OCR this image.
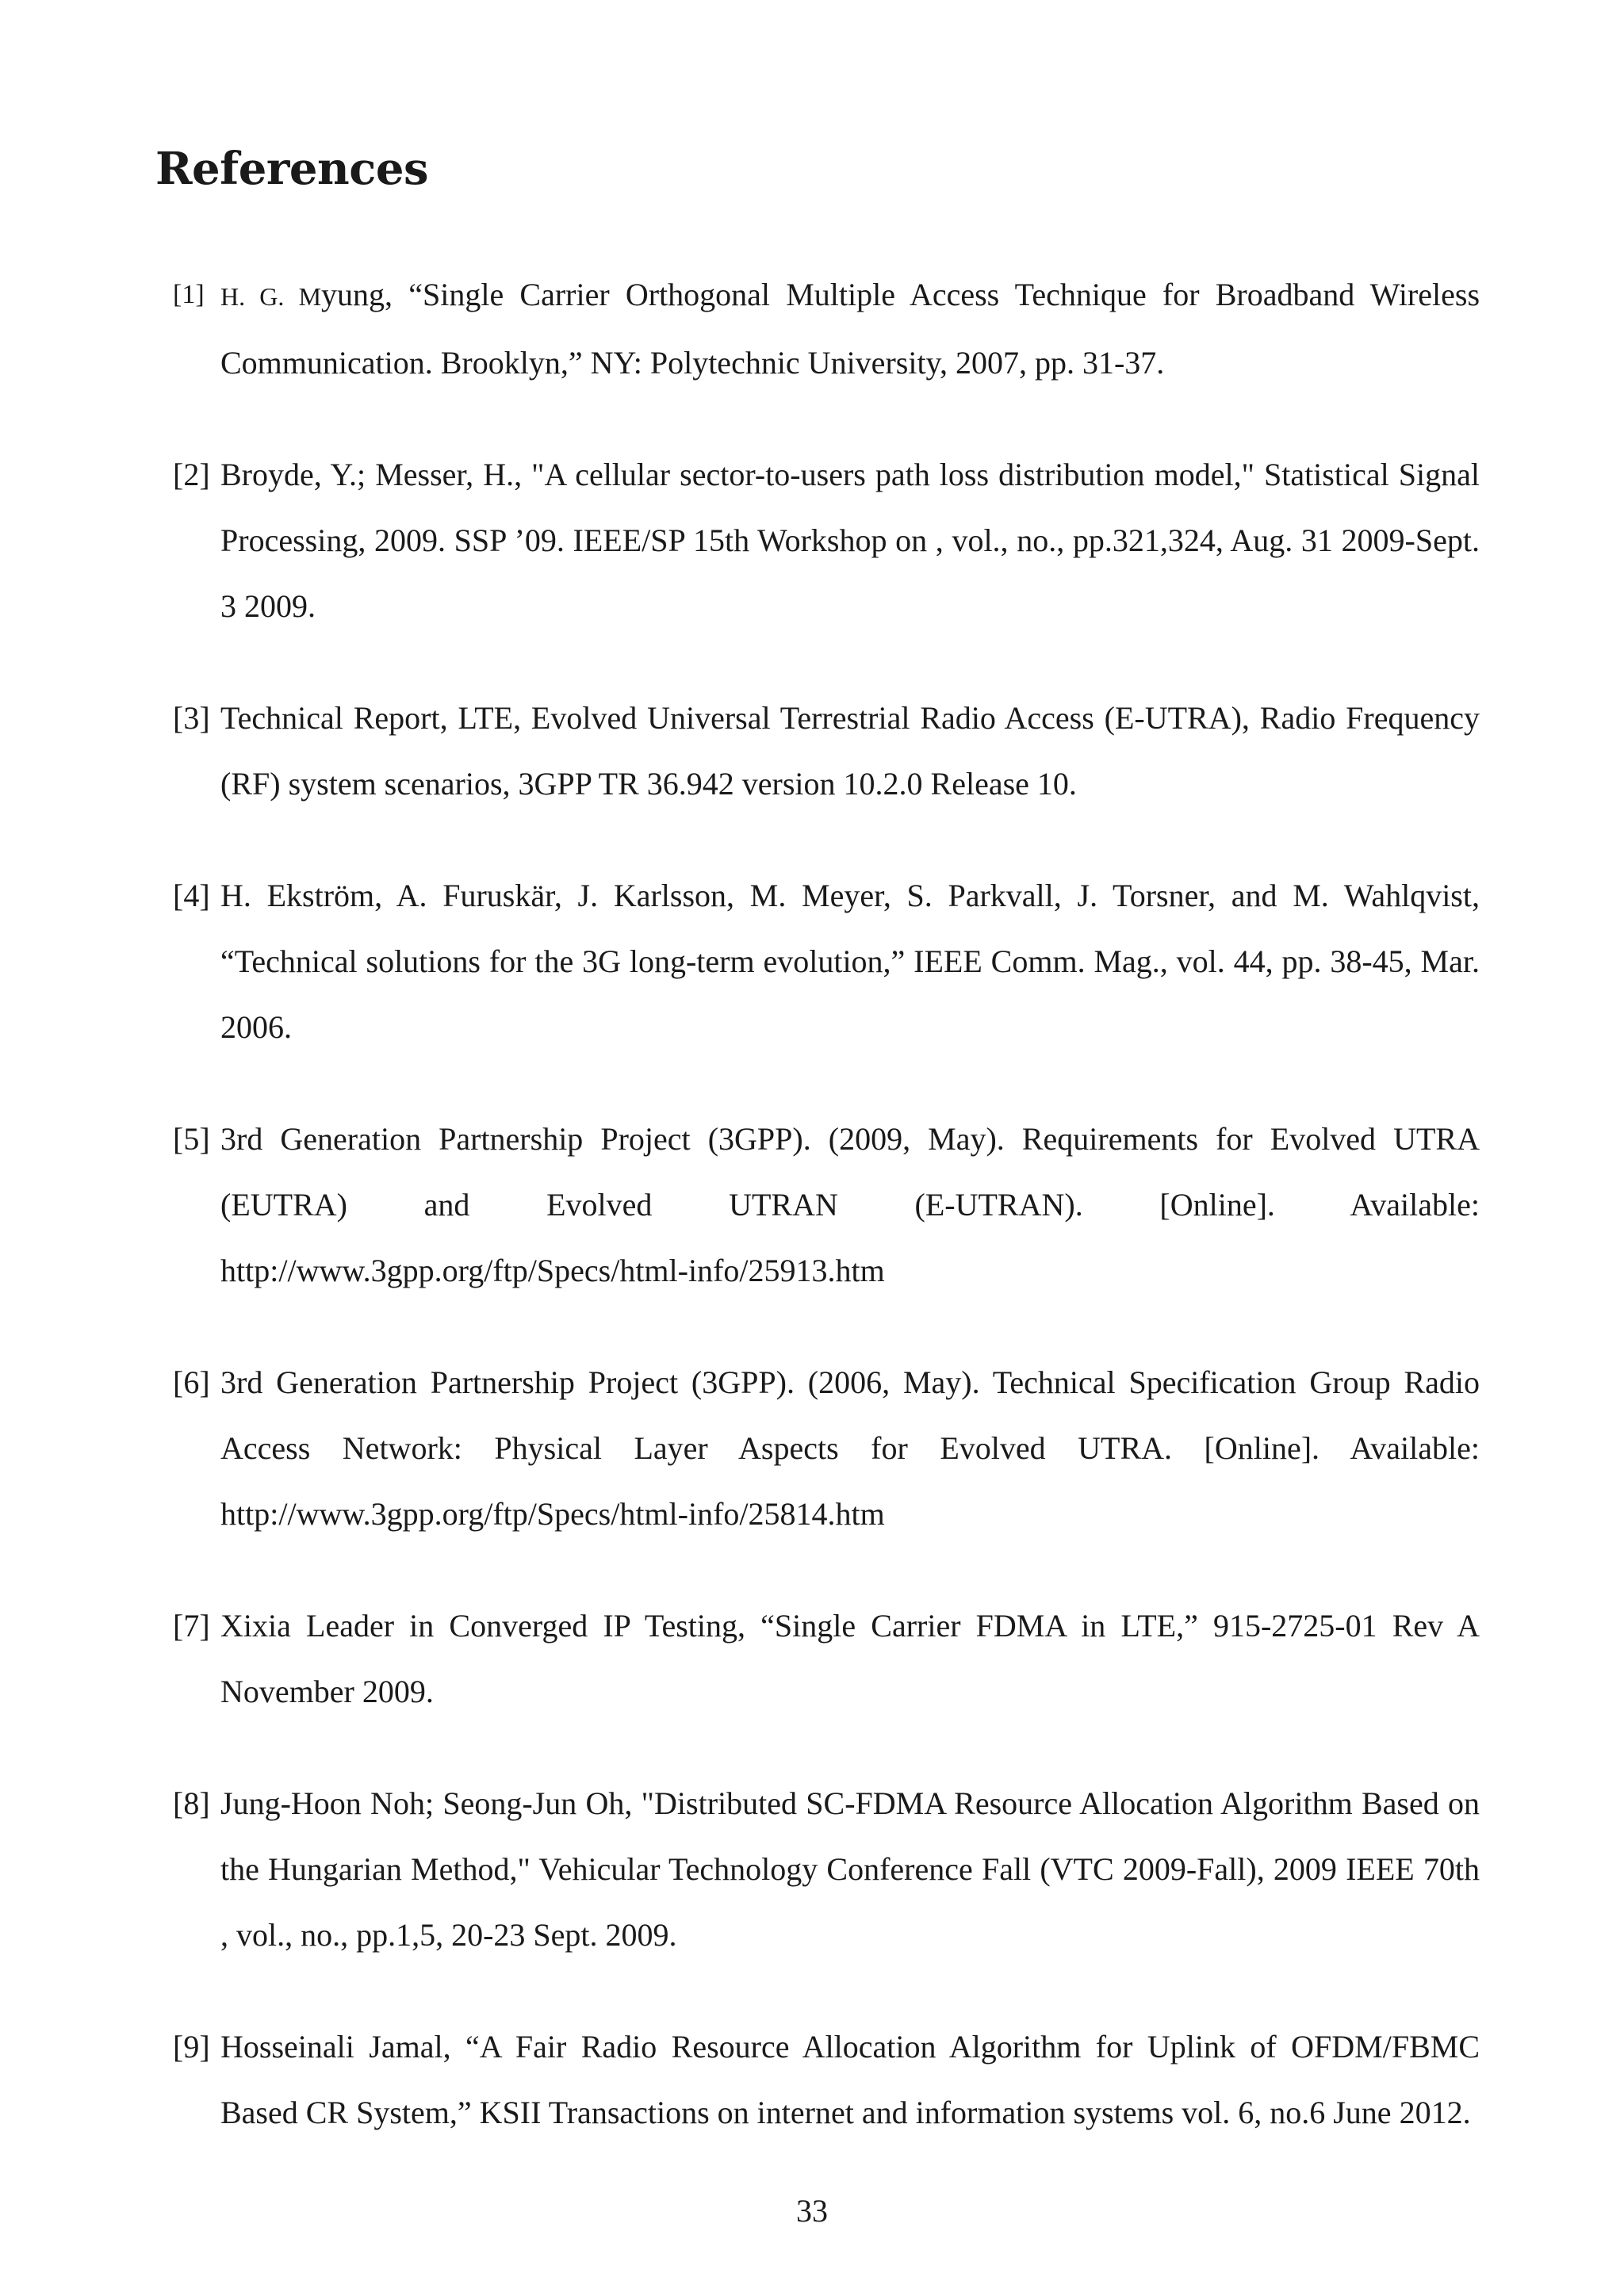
References
[1] H. G. Myung, “Single Carrier Orthogonal Multiple Access Technique for Broadband Wireless Communication. Brooklyn,” NY: Polytechnic University, 2007, pp. 31-37.
[2] Broyde, Y.; Messer, H., "A cellular sector-to-users path loss distribution model," Statistical Signal Processing, 2009. SSP ’09. IEEE/SP 15th Workshop on , vol., no., pp.321,324, Aug. 31 2009-Sept. 3 2009.
[3] Technical Report, LTE, Evolved Universal Terrestrial Radio Access (E-UTRA), Radio Frequency (RF) system scenarios, 3GPP TR 36.942 version 10.2.0 Release 10.
[4] H. Ekström, A. Furuskär, J. Karlsson, M. Meyer, S. Parkvall, J. Torsner, and M. Wahlqvist, “Technical solutions for the 3G long-term evolution,” IEEE Comm. Mag., vol. 44, pp. 38-45, Mar. 2006.
[5] 3rd Generation Partnership Project (3GPP). (2009, May). Requirements for Evolved UTRA (EUTRA) and Evolved UTRAN (E-UTRAN). [Online]. Available: http://www.3gpp.org/ftp/Specs/html-info/25913.htm
[6] 3rd Generation Partnership Project (3GPP). (2006, May). Technical Specification Group Radio Access Network: Physical Layer Aspects for Evolved UTRA. [Online]. Available: http://www.3gpp.org/ftp/Specs/html-info/25814.htm
[7] Xixia Leader in Converged IP Testing, “Single Carrier FDMA in LTE,” 915-2725-01 Rev A November 2009.
[8] Jung-Hoon Noh; Seong-Jun Oh, "Distributed SC-FDMA Resource Allocation Algorithm Based on the Hungarian Method," Vehicular Technology Conference Fall (VTC 2009-Fall), 2009 IEEE 70th , vol., no., pp.1,5, 20-23 Sept. 2009.
[9] Hosseinali Jamal, “A Fair Radio Resource Allocation Algorithm for Uplink of OFDM/FBMC Based CR System,” KSII Transactions on internet and information systems vol. 6, no.6 June 2012.
33
